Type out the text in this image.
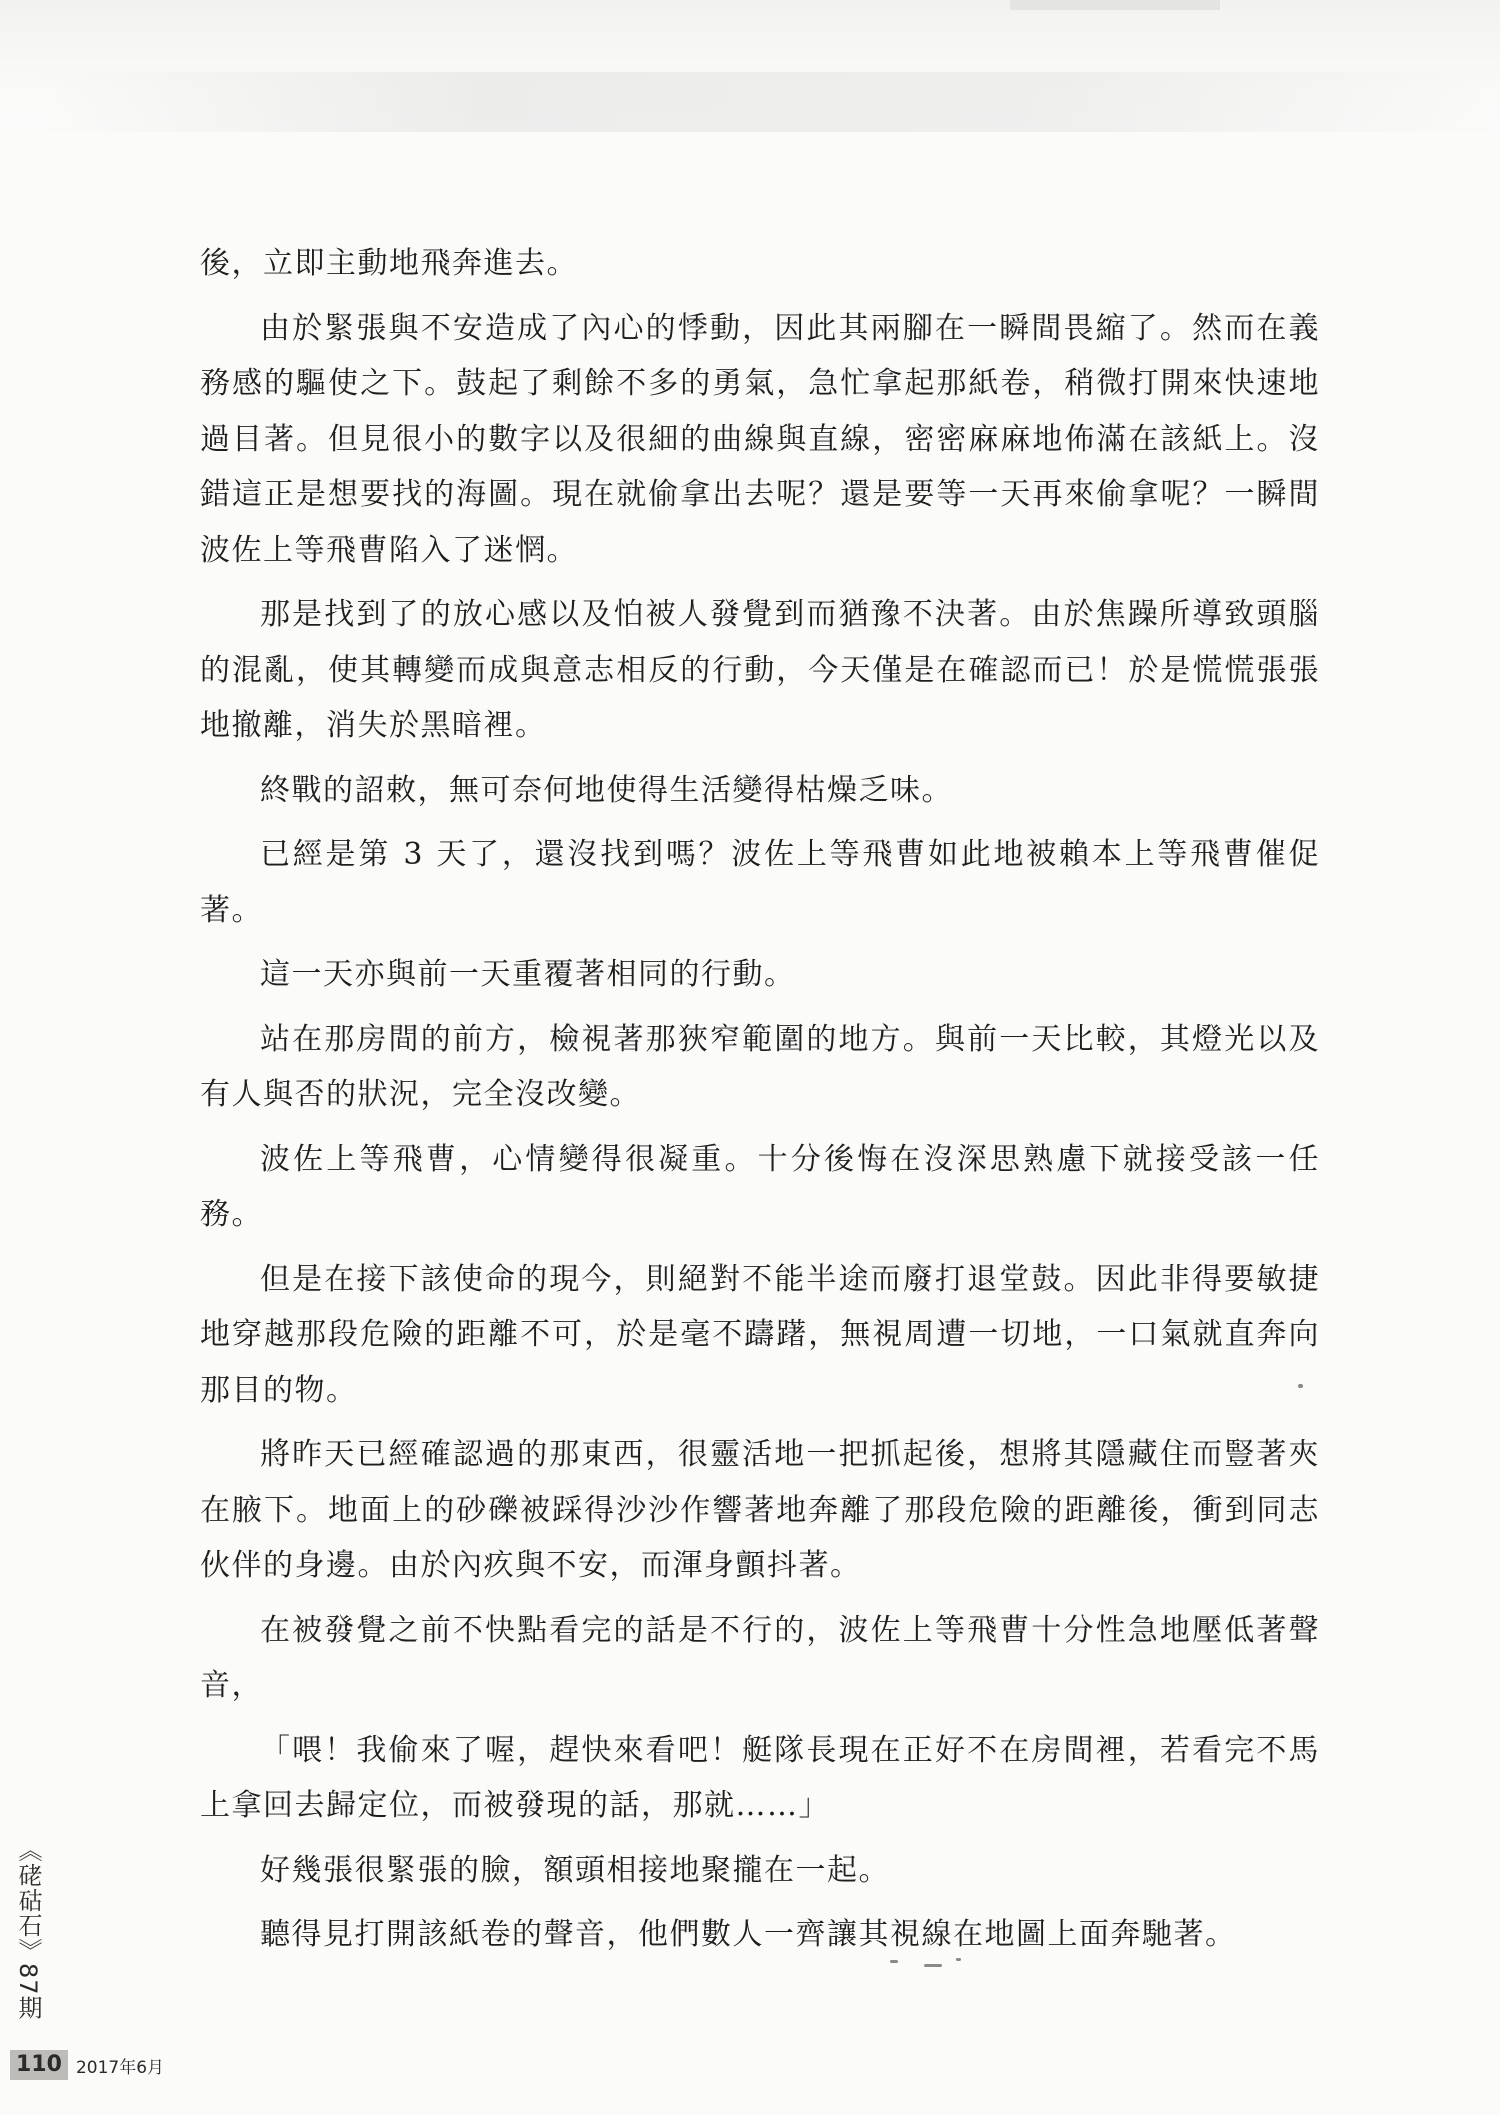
後，立即主動地飛奔進去。

由於緊張與不安造成了內心的悸動，因此其兩腳在一瞬間畏縮了。然而在義務感的驅使之下。鼓起了剩餘不多的勇氣，急忙拿起那紙卷，稍微打開來快速地過目著。但見很小的數字以及很細的曲線與直線，密密麻麻地佈滿在該紙上。沒錯這正是想要找的海圖。現在就偷拿出去呢？還是要等一天再來偷拿呢？一瞬間波佐上等飛曹陷入了迷惘。

那是找到了的放心感以及怕被人發覺到而猶豫不決著。由於焦躁所導致頭腦的混亂，使其轉變而成與意志相反的行動，今天僅是在確認而已！於是慌慌張張地撤離，消失於黑暗裡。

終戰的詔敕，無可奈何地使得生活變得枯燥乏味。

已經是第 3 天了，還沒找到嗎？波佐上等飛曹如此地被賴本上等飛曹催促著。

這一天亦與前一天重覆著相同的行動。

站在那房間的前方，檢視著那狹窄範圍的地方。與前一天比較，其燈光以及有人與否的狀況，完全沒改變。

波佐上等飛曹，心情變得很凝重。十分後悔在沒深思熟慮下就接受該一任務。

但是在接下該使命的現今，則絕對不能半途而廢打退堂鼓。因此非得要敏捷地穿越那段危險的距離不可，於是毫不躊躇，無視周遭一切地，一口氣就直奔向那目的物。

將昨天已經確認過的那東西，很靈活地一把抓起後，想將其隱藏住而豎著夾在腋下。地面上的砂礫被踩得沙沙作響著地奔離了那段危險的距離後，衝到同志伙伴的身邊。由於內疚與不安，而渾身顫抖著。

在被發覺之前不快點看完的話是不行的，波佐上等飛曹十分性急地壓低著聲音，

「喂！我偷來了喔，趕快來看吧！艇隊長現在正好不在房間裡，若看完不馬上拿回去歸定位，而被發現的話，那就……」

好幾張很緊張的臉，額頭相接地聚攏在一起。

聽得見打開該紙卷的聲音，他們數人一齊讓其視線在地圖上面奔馳著。

《硓𥑮石》87期
110 2017年6月
